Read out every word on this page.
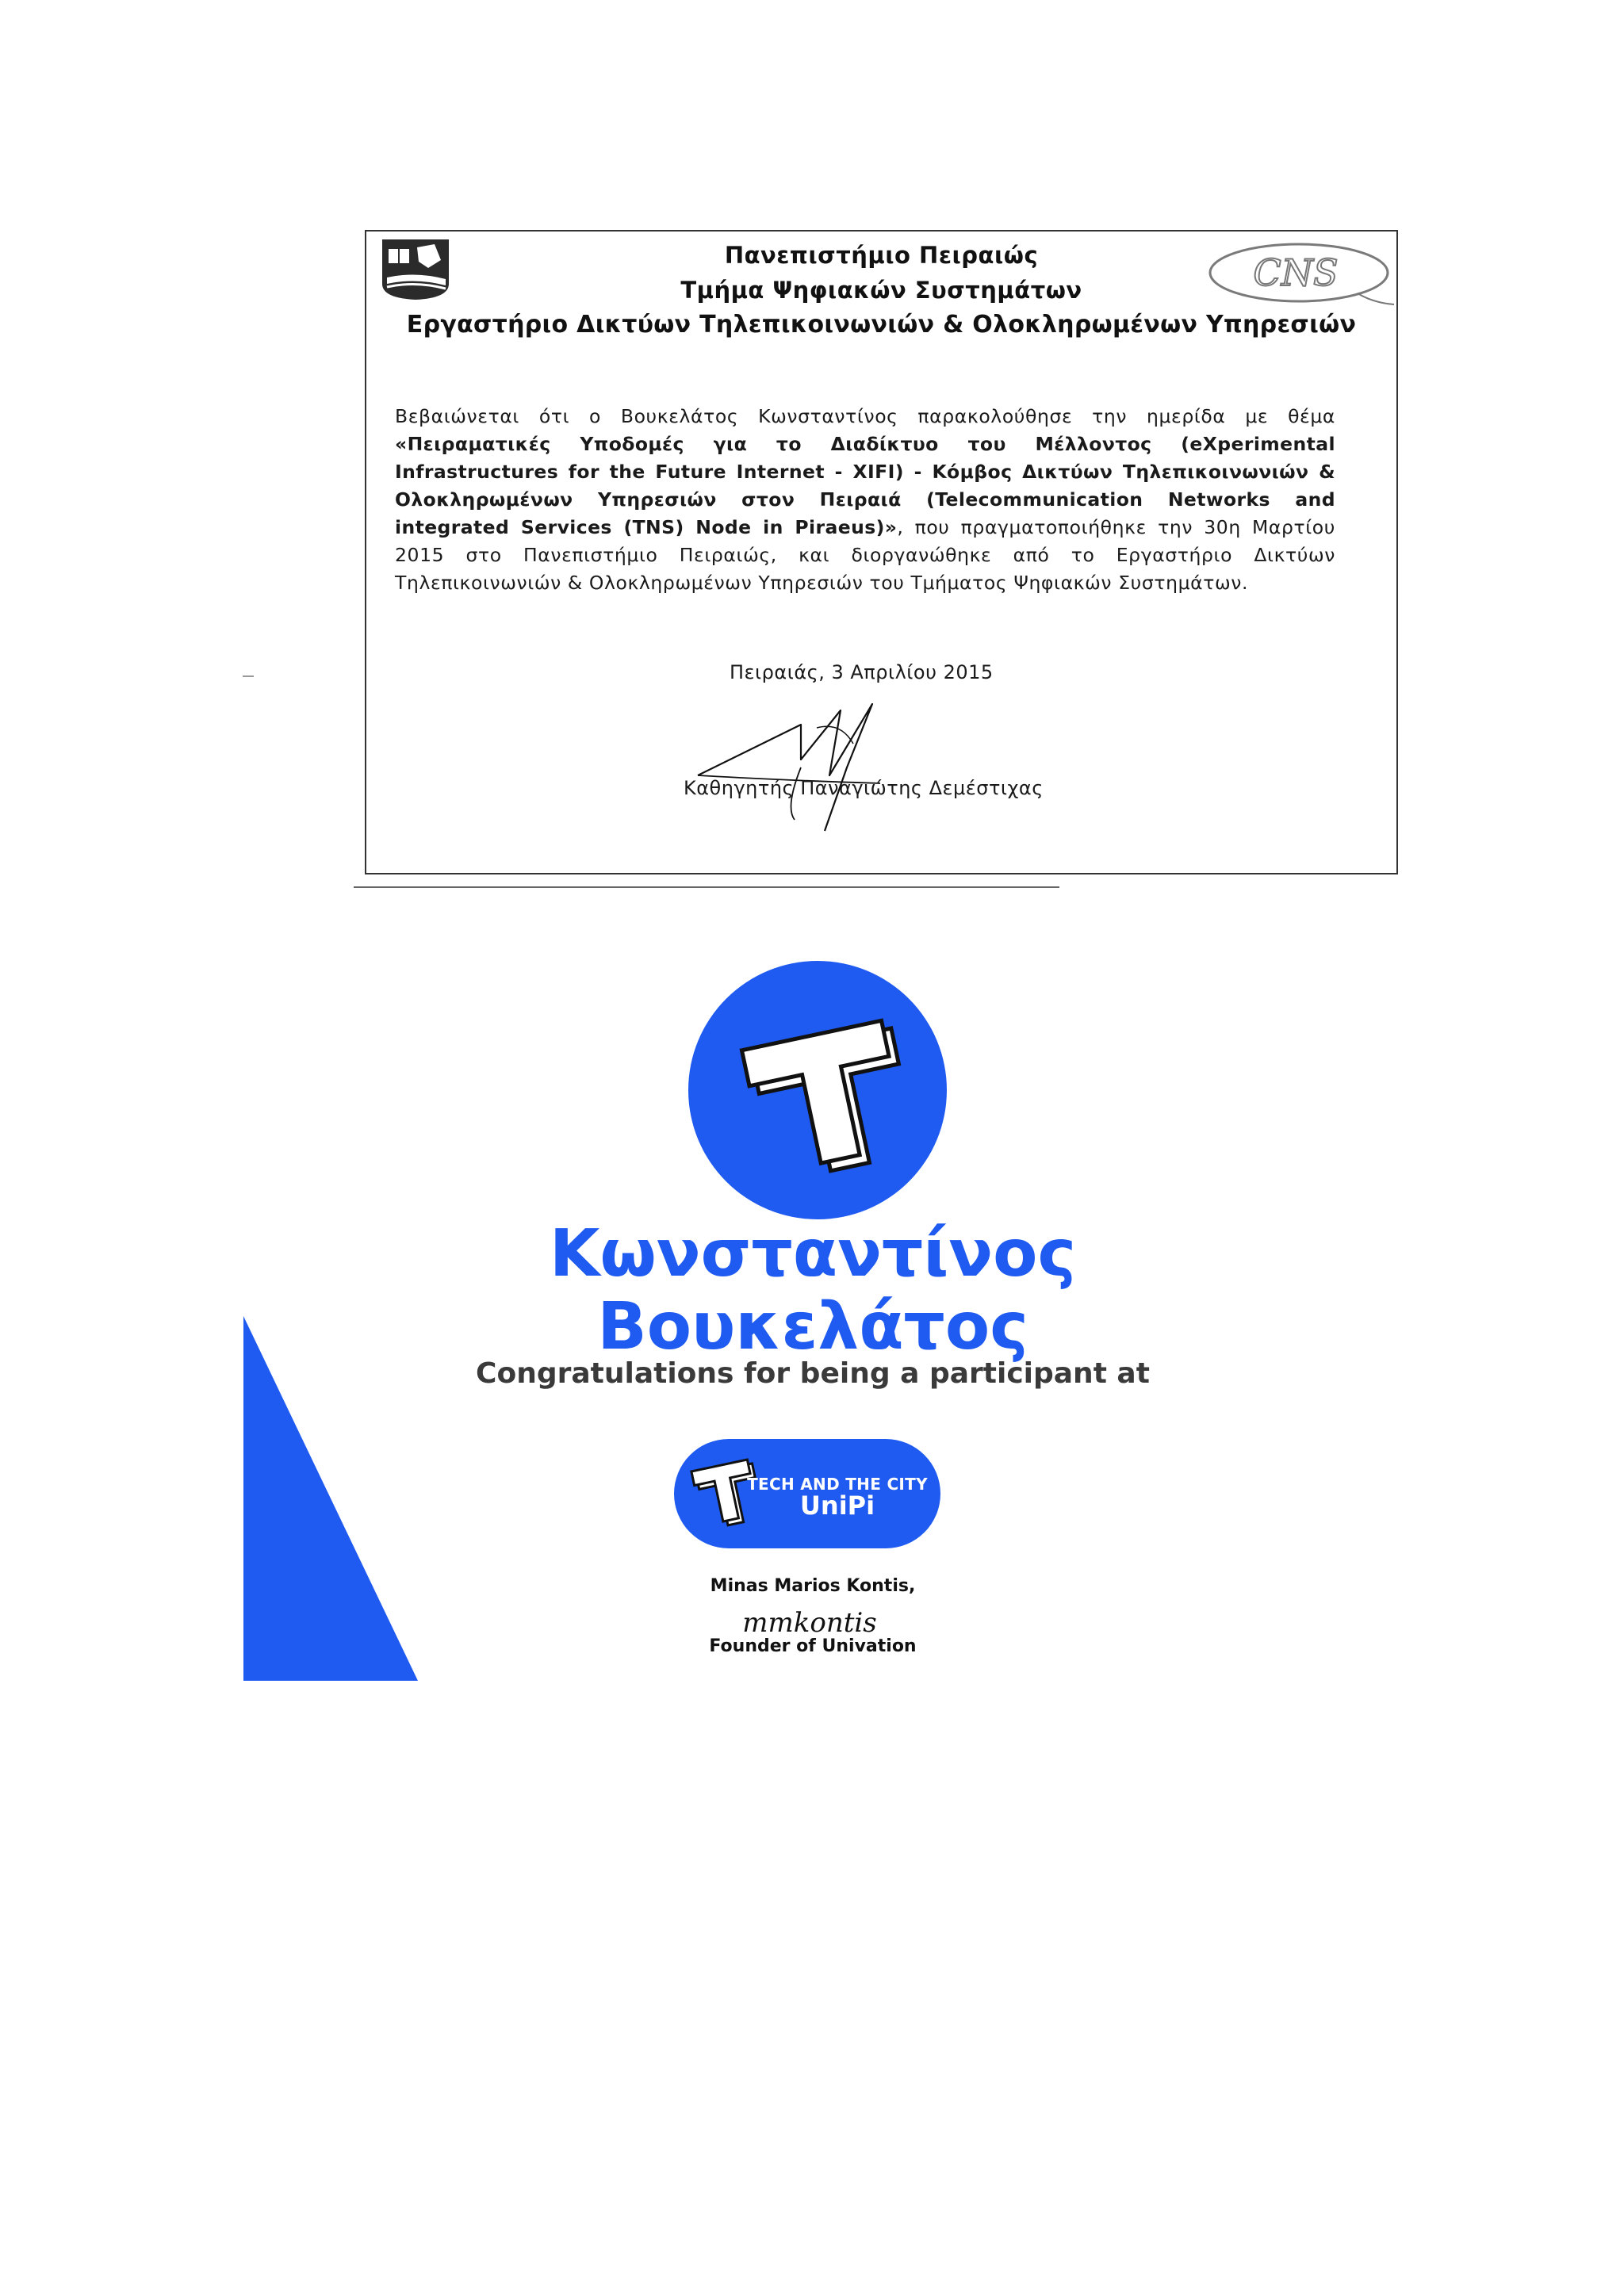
CNS
Πανεπιστήμιο Πειραιώς
Τμήμα Ψηφιακών Συστημάτων
Εργαστήριο Δικτύων Τηλεπικοινωνιών & Ολοκληρωμένων Υπηρεσιών
Βεβαιώνεται ότι ο Βουκελάτος Κωνσταντίνος παρακολούθησε την ημερίδα με θέμα «Πειραματικές Υποδομές για το Διαδίκτυο του Μέλλοντος (eXperimental Infrastructures for the Future Internet - XIFI) - Κόμβος Δικτύων Τηλεπικοινωνιών & Ολοκληρωμένων Υπηρεσιών στον Πειραιά (Telecommunication Networks and integrated Services (TNS) Node in Piraeus)», που πραγματοποιήθηκε την 30η Μαρτίου 2015 στο Πανεπιστήμιο Πειραιώς, και διοργανώθηκε από το Εργαστήριο Δικτύων Τηλεπικοινωνιών & Ολοκληρωμένων Υπηρεσιών του Τμήματος Ψηφιακών Συστημάτων.
Πειραιάς, 3 Απριλίου 2015
Καθηγητής Παναγιώτης Δεμέστιχας
Κωνσταντίνος
Βουκελάτος
Congratulations for being a participant at
TECH AND THE CITY
UniPi
Minas Marios Kontis,
mmkontis
Founder of Univation
